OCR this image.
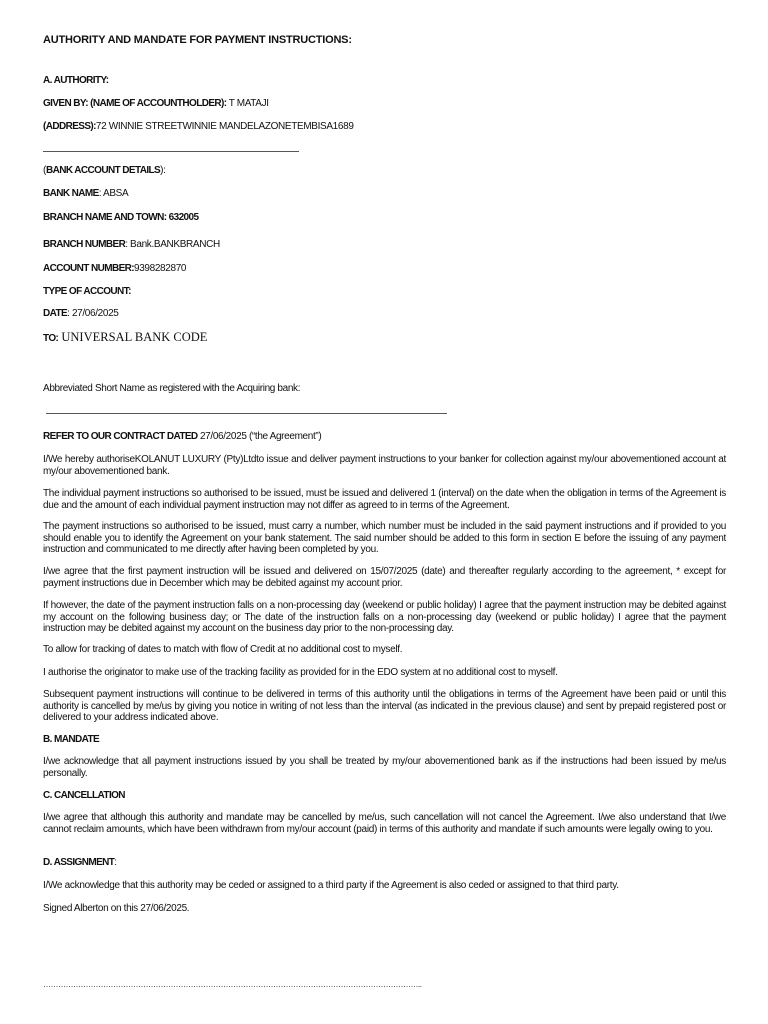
AUTHORITY AND MANDATE FOR PAYMENT INSTRUCTIONS:
A. AUTHORITY:
GIVEN BY: (NAME OF ACCOUNTHOLDER): T MATAJI
(ADDRESS):72 WINNIE STREETWINNIE MANDELAZONETEMBISA1689
(BANK ACCOUNT DETAILS):
BANK NAME: ABSA
BRANCH NAME AND TOWN: 632005
BRANCH NUMBER: Bank.BANKBRANCH
ACCOUNT NUMBER:9398282870
TYPE OF ACCOUNT:
DATE: 27/06/2025
TO: UNIVERSAL BANK CODE
Abbreviated Short Name as registered with the Acquiring bank:
REFER TO OUR CONTRACT DATED 27/06/2025 (“the Agreement”)
I/We hereby authoriseKOLANUT LUXURY (Pty)Ltdto issue and deliver payment instructions to your banker for collection against my/our abovementioned account at my/our abovementioned bank.
The individual payment instructions so authorised to be issued, must be issued and delivered 1 (interval) on the date when the obligation in terms of the Agreement is due and the amount of each individual payment instruction may not differ as agreed to in terms of the Agreement.
The payment instructions so authorised to be issued, must carry a number, which number must be included in the said payment instructions and if provided to you should enable you to identify the Agreement on your bank statement. The said number should be added to this form in section E before the issuing of any payment instruction and communicated to me directly after having been completed by you.
I/we agree that the first payment instruction will be issued and delivered on 15/07/2025 (date) and thereafter regularly according to the agreement, * except for payment instructions due in December which may be debited against my account prior.
If however, the date of the payment instruction falls on a non-processing day (weekend or public holiday) I agree that the payment instruction may be debited against my account on the following business day; or The date of the instruction falls on a non-processing day (weekend or public holiday) I agree that the payment instruction may be debited against my account on the business day prior to the non-processing day.
To allow for tracking of dates to match with flow of Credit at no additional cost to myself.
I authorise the originator to make use of the tracking facility as provided for in the EDO system at no additional cost to myself.
Subsequent payment instructions will continue to be delivered in terms of this authority until the obligations in terms of the Agreement have been paid or until this authority is cancelled by me/us by giving you notice in writing of not less than the interval (as indicated in the previous clause) and sent by prepaid registered post or delivered to your address indicated above.
B. MANDATE
I/we acknowledge that all payment instructions issued by you shall be treated by my/our abovementioned bank as if the instructions had been issued by me/us personally.
C. CANCELLATION
I/we agree that although this authority and mandate may be cancelled by me/us, such cancellation will not cancel the Agreement. I/we also understand that I/we cannot reclaim amounts, which have been withdrawn from my/our account (paid) in terms of this authority and mandate if such amounts were legally owing to you.
D. ASSIGNMENT:
I/We acknowledge that this authority may be ceded or assigned to a third party if the Agreement is also ceded or assigned to that third party.
Signed Alberton on this 27/06/2025.
……………………………………………………………………………………………………………………………………..
